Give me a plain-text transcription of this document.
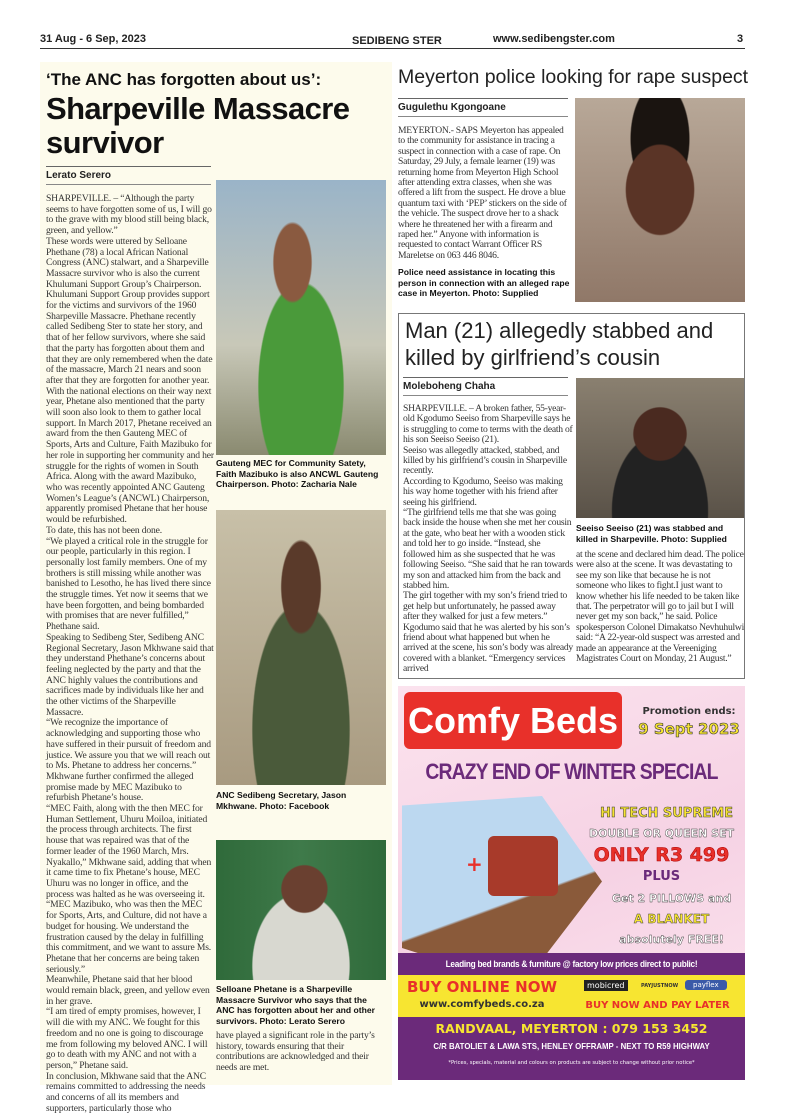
31 Aug - 6 Sep, 2023	SEDIBENG STER	www.sedibengster.com	3
‘The ANC has forgotten about us’:
Sharpeville Massacre survivor
Lerato Serero

SHARPEVILLE. – “Although the party seems to have forgotten some of us, I will go to the grave with my blood still being black, green, and yellow.”

These words were uttered by Selloane Phethane (78) a local African National Congress (ANC) stalwart, and a Sharpeville Massacre survivor who is also the current Khulumani Support Group’s Chairperson. Khulumani Support Group provides support for the victims and survivors of the 1960 Sharpeville Massacre. Phethane recently called Sedibeng Ster to state her story, and that of her fellow survivors, where she said that the party has forgotten about them and that they are only remembered when the date of the massacre, March 21 nears and soon after that they are forgotten for another year. With the national elections on their way next year, Phetane also mentioned that the party will soon also look to them to gather local support. In March 2017, Phetane received an award from the then Gauteng MEC of Sports, Arts and Culture, Faith Mazibuko for her role in supporting her community and her struggle for the rights of women in South Africa. Along with the award Mazibuko, who was recently appointed ANC Gauteng Women’s League’s (ANCWL) Chairperson, apparently promised Phetane that her house would be refurbished.

To date, this has not been done.

“We played a critical role in the struggle for our people, particularly in this region. I personally lost family members. One of my brothers is still missing while another was banished to Lesotho, he has lived there since the struggle times. Yet now it seems that we have been forgotten, and being bombarded with promises that are never fulfilled,” Phethane said.

Speaking to Sedibeng Ster, Sedibeng ANC Regional Secretary, Jason Mkhwane said that they understand Phethane’s concerns about feeling neglected by the party and that the ANC highly values the contributions and sacrifices made by individuals like her and the other victims of the Sharpeville Massacre.

“We recognize the importance of acknowledging and supporting those who have suffered in their pursuit of freedom and justice. We assure you that we will reach out to Ms. Phetane to address her concerns.” Mkhwane further confirmed the alleged promise made by MEC Mazibuko to refurbish Phetane’s house.

“MEC Faith, along with the then MEC for Human Settlement, Uhuru Moiloa, initiated the process through architects. The first house that was repaired was that of the former leader of the 1960 March, Mrs. Nyakallo,” Mkhwane said, adding that when it came time to fix Phetane’s house, MEC Uhuru was no longer in office, and the process was halted as he was overseeing it.

“MEC Mazibuko, who was then the MEC for Sports, Arts, and Culture, did not have a budget for housing. We understand the frustration caused by the delay in fulfilling this commitment, and we want to assure Ms. Phetane that her concerns are being taken seriously.”

Meanwhile, Phetane said that her blood would remain black, green, and yellow even in her grave.

“I am tired of empty promises, however, I will die with my ANC. We fought for this freedom and no one is going to discourage me from following my beloved ANC. I will go to death with my ANC and not with a person,” Phetane said.

In conclusion, Mkhwane said that the ANC remains committed to addressing the needs and concerns of all its members and supporters, particularly those who

Gauteng MEC for Community Satety, Faith Mazibuko is also ANCWL Gauteng Chairperson. Photo: Zacharia Nale
ANC Sedibeng Secretary, Jason Mkhwane. Photo: Facebook
Selloane Phetane is a Sharpeville Massacre Survivor who says that the ANC has forgotten about her and other survivors. Photo: Lerato Serero
have played a significant role in the party’s history, towards ensuring that their contributions are acknowledged and their needs are met.
Meyerton police looking for rape suspect
Gugulethu Kgongoane
MEYERTON.- SAPS Meyerton has appealed to the community for assistance in tracing a suspect in connection with a case of rape. On Saturday, 29 July, a female learner (19) was returning home from Meyerton High School after attending extra classes, when she was offered a lift from the suspect. He drove a blue quantum taxi with ‘PEP’ stickers on the side of the vehicle. The suspect drove her to a shack where he threatened her with a firearm and raped her.” Anyone with information is requested to contact Warrant Officer RS Mareletse on 063 446 8046.
Police need assistance in locating this person in connection with an alleged rape case in Meyerton. Photo: Supplied
Man (21) allegedly stabbed and killed by girlfriend’s cousin
Moleboheng Chaha

SHARPEVILLE. – A broken father, 55-year-old Kgodumo Seeiso from Sharpeville says he is struggling to come to terms with the death of his son Seeiso Seeiso (21).

Seeiso was allegedly attacked, stabbed, and killed by his girlfriend’s cousin in Sharpeville recently.

According to Kgodumo, Seeiso was making his way home together with his friend after seeing his girlfriend.

“The girlfriend tells me that she was going back inside the house when she met her cousin at the gate, who beat her with a wooden stick and told her to go inside. “Instead, she followed him as she suspected that he was following Seeiso. “She said that he ran towards my son and attacked him from the back and stabbed him.

The girl together with my son’s friend tried to get help but unfortunately, he passed away after they walked for just a few meters.” Kgodumo said that he was alerted by his son’s friend about what happened but when he arrived at the scene, his son’s body was already covered with a blanket. “Emergency services arrived

Seeiso Seeiso (21) was stabbed and killed in Sharpeville. Photo: Supplied
at the scene and declared him dead. The police were also at the scene. It was devastating to see my son like that because he is not someone who likes to fight.I just want to know whether his life needed to be taken like that. The perpetrator will go to jail but I will never get my son back,” he said. Police spokesperson Colonel Dimakatso Nevhuhulwi said: “A 22-year-old suspect was arrested and made an appearance at the Vereeniging Magistrates Court on Monday, 21 August.”
Comfy Beds	Promotion ends:
9 Sept 2023
CRAZY END OF WINTER SPECIAL
+
HI TECH SUPREME
DOUBLE OR QUEEN SET
ONLY R3 499
PLUS
Get 2 PILLOWS and
A BLANKET
absolutely FREE!
Leading bed brands & furniture @ factory low prices direct to public!
BUY ONLINE NOW
www.comfybeds.co.za
mobicred	PAYJUSTNOW	payflex
BUY NOW AND PAY LATER
RANDVAAL, MEYERTON : 079 153 3452
C/R BATOLIET & LAWA STS, HENLEY OFFRAMP - NEXT TO R59 HIGHWAY
*Prices, specials, material and colours on products are subject to change without prior notice*
